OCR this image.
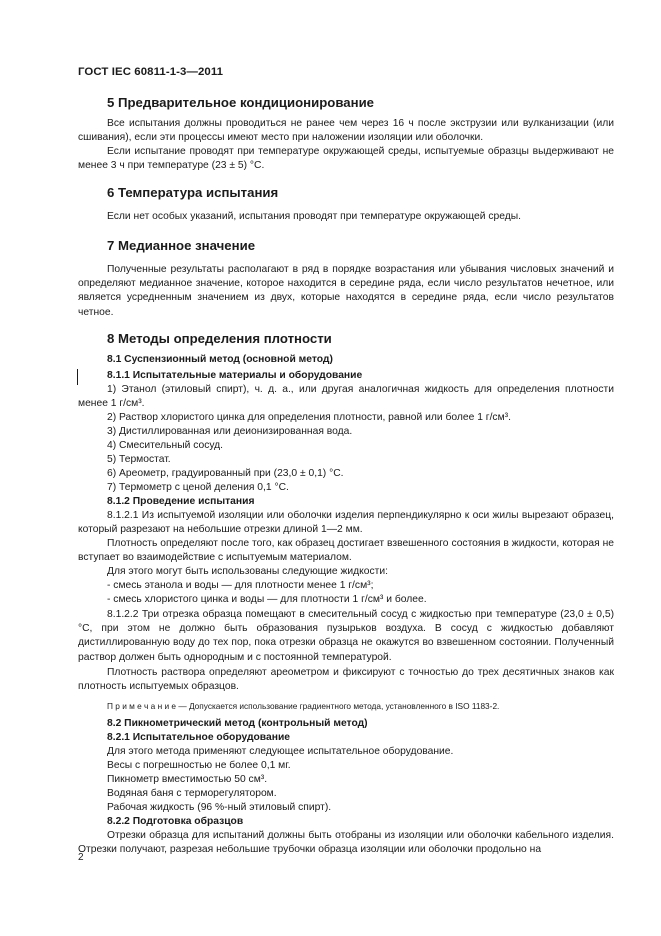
ГОСТ IEC 60811-1-3—2011
5 Предварительное кондиционирование

Все испытания должны проводиться не ранее чем через 16 ч после экструзии или вулканизации (или сшивания), если эти процессы имеют место при наложении изоляции или оболочки.

Если испытание проводят при температуре окружающей среды, испытуемые образцы выдерживают не менее 3 ч при температуре (23 ± 5) °С.

6 Температура испытания

Если нет особых указаний, испытания проводят при температуре окружающей среды.

7 Медианное значение

Полученные результаты располагают в ряд в порядке возрастания или убывания числовых значений и определяют медианное значение, которое находится в середине ряда, если число результатов нечетное, или является усредненным значением из двух, которые находятся в середине ряда, если число результатов четное.

8 Методы определения плотности
8.1 Суспензионный метод (основной метод)
8.1.1 Испытательные материалы и оборудование

1) Этанол (этиловый спирт), ч. д. а., или другая аналогичная жидкость для определения плотности менее 1 г/см³.

2) Раствор хлористого цинка для определения плотности, равной или более 1 г/см³.
3) Дистиллированная или деионизированная вода.
4) Смесительный сосуд.
5) Термостат.
6) Ареометр, градуированный при (23,0 ± 0,1) °С.
7) Термометр с ценой деления 0,1 °С.
8.1.2 Проведение испытания

8.1.2.1 Из испытуемой изоляции или оболочки изделия перпендикулярно к оси жилы вырезают образец, который разрезают на небольшие отрезки длиной 1—2 мм.

Плотность определяют после того, как образец достигает взвешенного состояния в жидкости, которая не вступает во взаимодействие с испытуемым материалом.

Для этого могут быть использованы следующие жидкости:
- смесь этанола и воды — для плотности менее 1 г/см³;
- смесь хлористого цинка и воды — для плотности 1 г/см³ и более.

8.1.2.2 Три отрезка образца помещают в смесительный сосуд с жидкостью при температуре (23,0 ± 0,5) °С, при этом не должно быть образования пузырьков воздуха. В сосуд с жидкостью добавляют дистиллированную воду до тех пор, пока отрезки образца не окажутся во взвешенном состоянии. Полученный раствор должен быть однородным и с постоянной температурой.

Плотность раствора определяют ареометром и фиксируют с точностью до трех десятичных знаков как плотность испытуемых образцов.

П р и м е ч а н и е — Допускается использование градиентного метода, установленного в ISO 1183-2.
8.2 Пикнометрический метод (контрольный метод)
8.2.1 Испытательное оборудование
Для этого метода применяют следующее испытательное оборудование.
Весы с погрешностью не более 0,1 мг.
Пикнометр вместимостью 50 см³.
Водяная баня с терморегулятором.
Рабочая жидкость (96 %-ный этиловый спирт).
8.2.2 Подготовка образцов

Отрезки образца для испытаний должны быть отобраны из изоляции или оболочки кабельного изделия. Отрезки получают, разрезая небольшие трубочки образца изоляции или оболочки продольно на

2
